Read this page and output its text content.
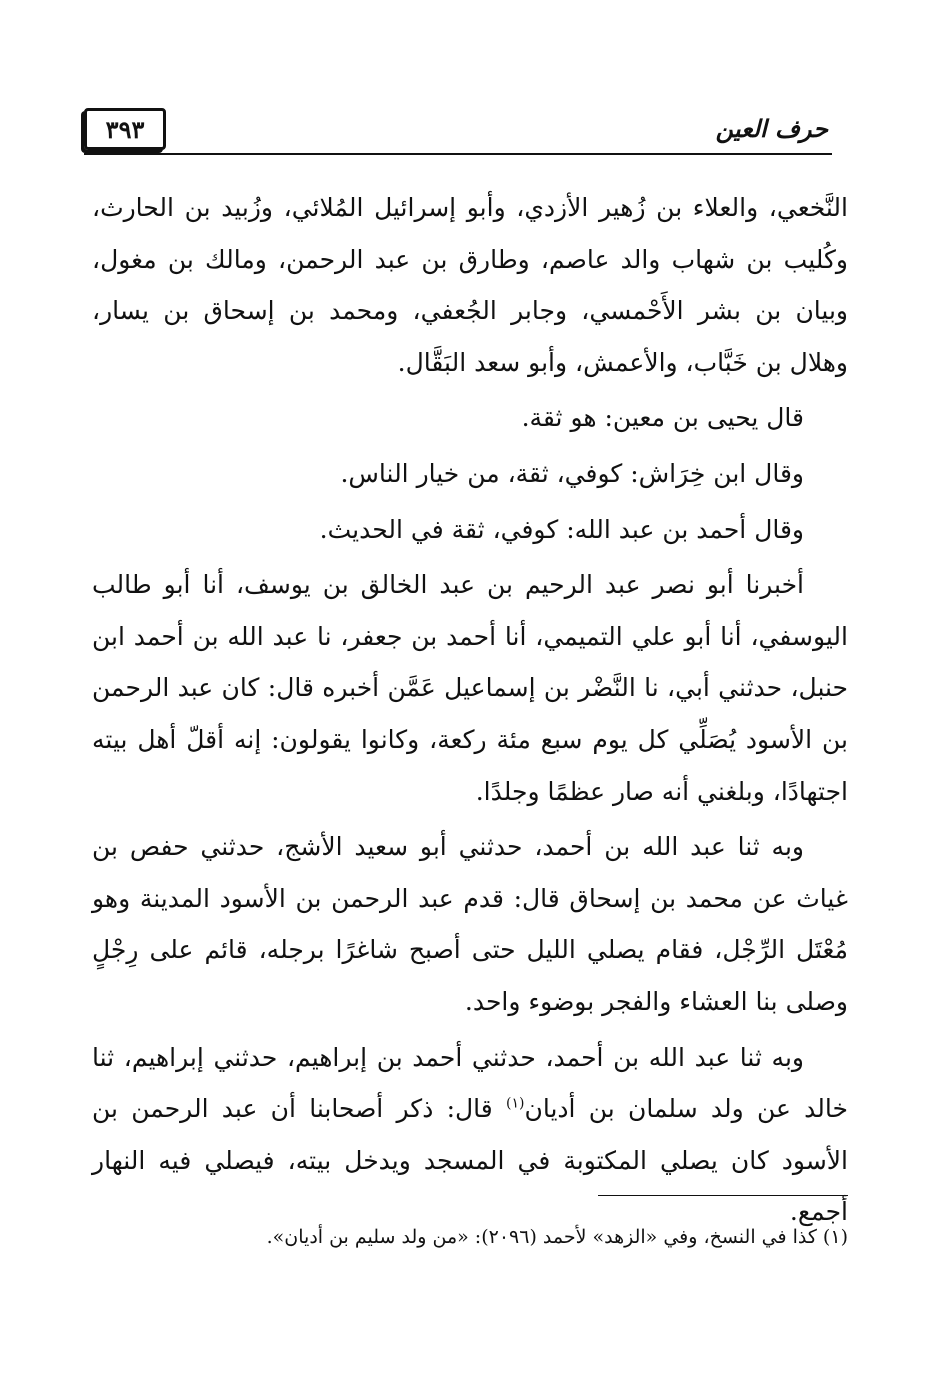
حرف العين
٣٩٣

النَّخعي، والعلاء بن زُهير الأزدي، وأبو إسرائيل المُلائي، وزُبيد بن الحارث، وكُليب بن شهاب والد عاصم، وطارق بن عبد الرحمن، ومالك بن مغول، وبيان بن بشر الأَحْمسي، وجابر الجُعفي، ومحمد بن إسحاق بن يسار، وهلال بن خَبَّاب، والأعمش، وأبو سعد البَقَّال.

قال يحيى بن معين: هو ثقة.

وقال ابن خِرَاش: كوفي، ثقة، من خيار الناس.

وقال أحمد بن عبد الله: كوفي، ثقة في الحديث.

أخبرنا أبو نصر عبد الرحيم بن عبد الخالق بن يوسف، أنا أبو طالب اليوسفي، أنا أبو علي التميمي، أنا أحمد بن جعفر، نا عبد الله بن أحمد ابن حنبل، حدثني أبي، نا النَّضْر بن إسماعيل عَمَّن أخبره قال: كان عبد الرحمن بن الأسود يُصَلِّي كل يوم سبع مئة ركعة، وكانوا يقولون: إنه أقلّ أهل بيته اجتهادًا، وبلغني أنه صار عظمًا وجلدًا.

وبه ثنا عبد الله بن أحمد، حدثني أبو سعيد الأشج، حدثني حفص بن غياث عن محمد بن إسحاق قال: قدم عبد الرحمن بن الأسود المدينة وهو مُعْتَل الرِّجْل، فقام يصلي الليل حتى أصبح شاغرًا برجله، قائم على رِجْلٍ وصلى بنا العشاء والفجر بوضوء واحد.

وبه ثنا عبد الله بن أحمد، حدثني أحمد بن إبراهيم، حدثني إبراهيم، ثنا خالد عن ولد سلمان بن أديان$^{(١)}$ قال: ذكر أصحابنا أن عبد الرحمن بن الأسود كان يصلي المكتوبة في المسجد ويدخل بيته، فيصلي فيه النهار أجمع.

(١) كذا في النسخ، وفي «الزهد» لأحمد (٢٠٩٦): «من ولد سليم بن أديان».
